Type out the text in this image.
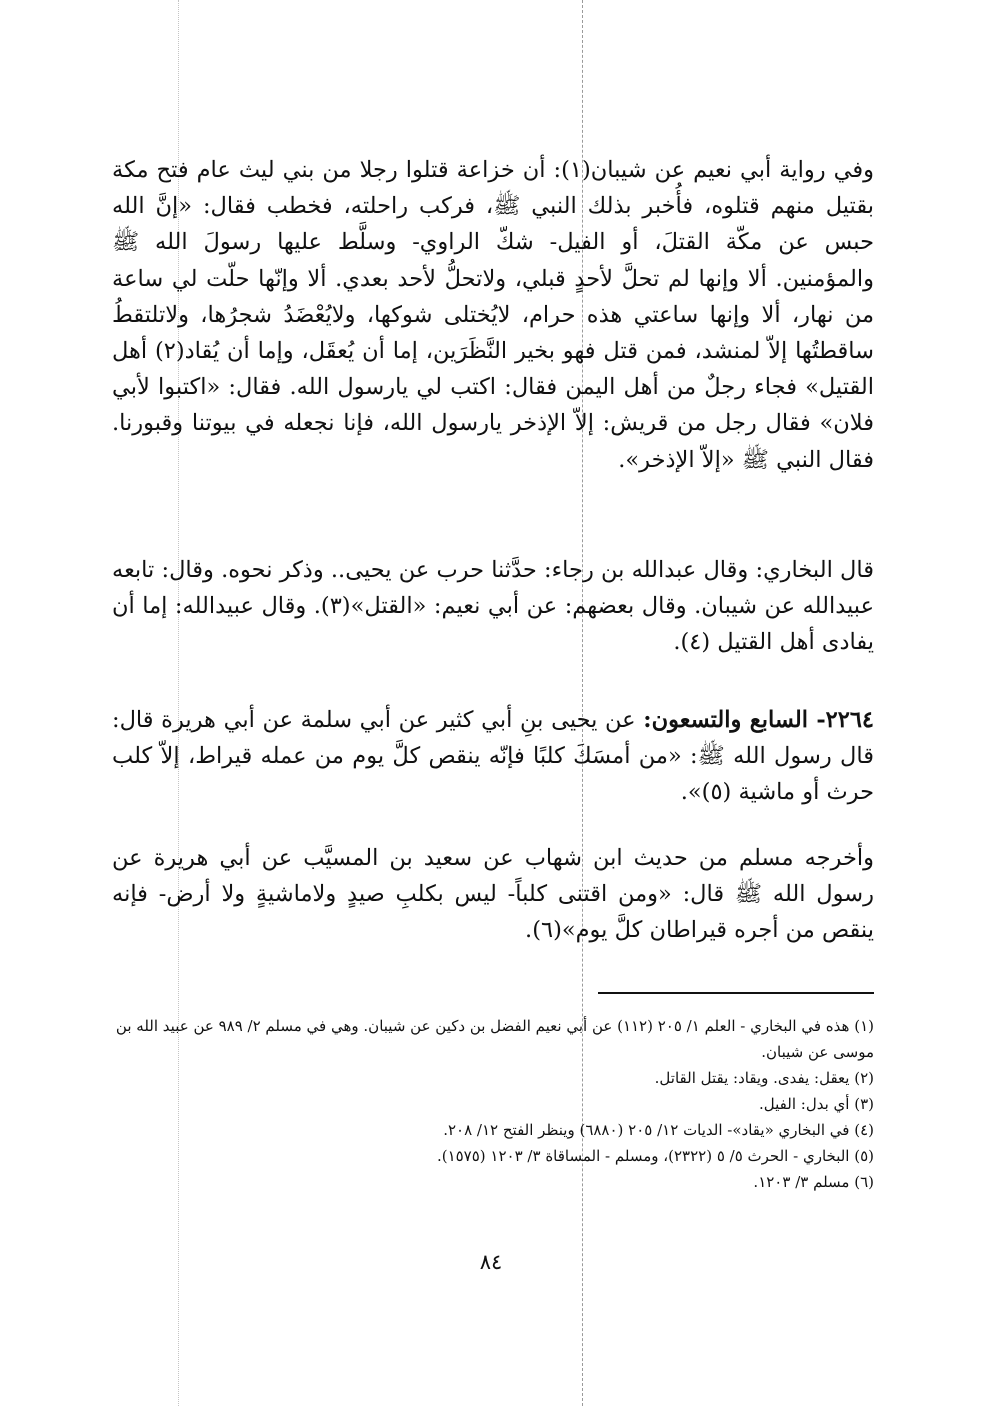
وفي رواية أبي نعيم عن شيبان(١): أن خزاعة قتلوا رجلا من بني ليث عام فتح مكة بقتيل منهم قتلوه، فأُخبر بذلك النبي ﷺ، فركب راحلته، فخطب فقال: «إنَّ الله حبس عن مكّة القتلَ، أو الفيل- شكّ الراوي- وسلَّط عليها رسولَ الله ﷺ والمؤمنين. ألا وإنها لم تحلَّ لأحدٍ قبلي، ولاتحلُّ لأحد بعدي. ألا وإنّها حلّت لي ساعة من نهار، ألا وإنها ساعتي هذه حرام، لايُختلى شوكها، ولايُعْضَدُ شجرُها، ولاتلتقطُ ساقطتُها إلاّ لمنشد، فمن قتل فهو بخير النَّظَرَين، إما أن يُعقَل، وإما أن يُقاد(٢) أهل القتيل» فجاء رجلٌ من أهل اليمن فقال: اكتب لي يارسول الله. فقال: «اكتبوا لأبي فلان» فقال رجل من قريش: إلاّ الإذخر يارسول الله، فإنا نجعله في بيوتنا وقبورنا. فقال النبي ﷺ «إلاّ الإذخر».
قال البخاري: وقال عبدالله بن رجاء: حدَّثنا حرب عن يحيى.. وذكر نحوه. وقال: تابعه عبيدالله عن شيبان. وقال بعضهم: عن أبي نعيم: «القتل»(٣). وقال عبيدالله: إما أن يفادى أهل القتيل (٤).
٢٢٦٤- السابع والتسعون: عن يحيى بنِ أبي كثير عن أبي سلمة عن أبي هريرة قال: قال رسول الله ﷺ: «من أمسَكَ كلبًا فإنّه ينقص كلَّ يوم من عمله قيراط، إلاّ كلب حرث أو ماشية (٥)».
وأخرجه مسلم من حديث ابن شهاب عن سعيد بن المسيَّب عن أبي هريرة عن رسول الله ﷺ قال: «ومن اقتنى كلباً- ليس بكلبِ صيدٍ ولاماشيةٍ ولا أرض- فإنه ينقص من أجره قيراطان كلَّ يوم»(٦).

(١) هذه في البخاري - العلم ١/ ٢٠٥ (١١٢) عن أبي نعيم الفضل بن دكين عن شيبان. وهي في مسلم ٢/ ٩٨٩ عن عبيد الله بن موسى عن شيبان.

(٢) يعقل: يفدى. ويقاد: يقتل القاتل.

(٣) أي بدل: الفيل.

(٤) في البخاري «يقاد»- الديات ١٢/ ٢٠٥ (٦٨٨٠) وينظر الفتح ١٢/ ٢٠٨.

(٥) البخاري - الحرث ٥/ ٥ (٢٣٢٢)، ومسلم - المساقاة ٣/ ١٢٠٣ (١٥٧٥).

(٦) مسلم ٣/ ١٢٠٣.

٨٤
